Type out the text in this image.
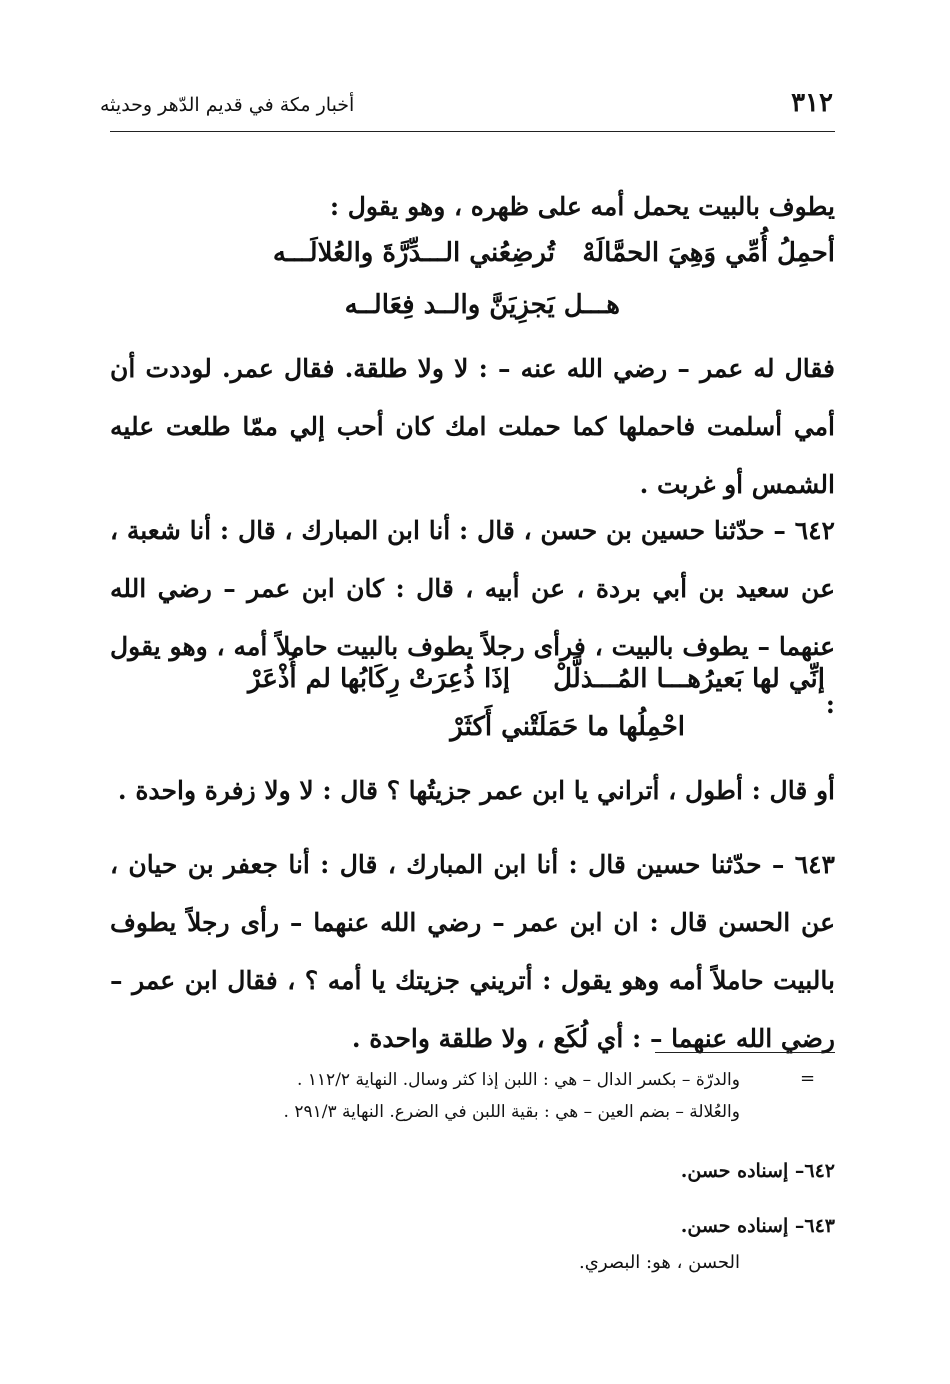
٣١٢
أخبار مكة في قديم الدّهر وحديثه
يطوف بالبيت يحمل أمه على ظهره ، وهو يقول :
أحمِلُ أُمِّي وَهِيَ الحمَّالَهْ
تُرضِعُني الـــدِّرَّةَ والعُلالَـــه
هـــل يَجزِيَنَّ والــد فِعَالــه
فقال له عمر – رضي الله عنه – : لا ولا طلقة. فقال عمر. لوددت أن أمي أسلمت فاحملها كما حملت امك كان أحب إلي ممّا طلعت عليه الشمس أو غربت .
٦٤٢ – حدّثنا حسين بن حسن ، قال : أنا ابن المبارك ، قال : أنا شعبة ، عن سعيد بن أبي بردة ، عن أبيه ، قال : كان ابن عمر – رضي الله عنهما – يطوف بالبيت ، فرأى رجلاً يطوف بالبيت حاملاً أمه ، وهو يقول :
إنِّي لها بَعيرُهـــا المُـــذلَّلْ
إذَا ذُعِرَتْ رِكَابُها لم أُذْعَرْ
احْمِلُها ما حَمَلَتْني أَكثَرْ
أو قال : أطول ، أتراني يا ابن عمر جزيتُها ؟ قال : لا ولا زفرة واحدة .
٦٤٣ – حدّثنا حسين قال : أنا ابن المبارك ، قال : أنا جعفر بن حيان ، عن الحسن قال : ان ابن عمر – رضي الله عنهما – رأى رجلاً يطوف بالبيت حاملاً أمه وهو يقول : أتريني جزيتك يا أمه ؟ ، فقال ابن عمر – رضي الله عنهما – : أي لُكَع ، ولا طلقة واحدة .
=
والدرّة – بكسر الدال – هي : اللبن إذا كثر وسال. النهاية ١١٢/٢ .
والعُلالة – بضم العين – هي : بقية اللبن في الضرع. النهاية ٢٩١/٣ .
٦٤٢– إسناده حسن.
٦٤٣– إسناده حسن.
الحسن ، هو: البصري.
